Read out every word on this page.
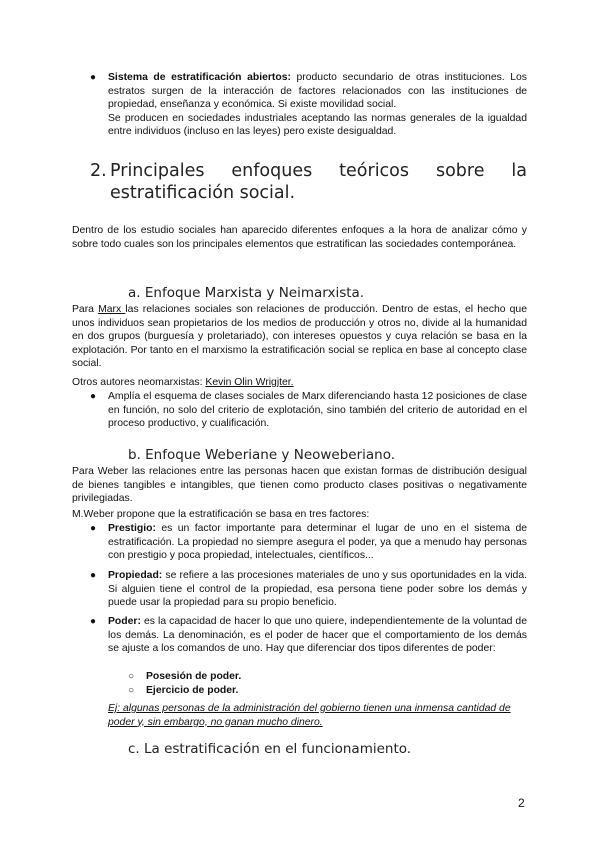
● Sistema de estratificación abiertos: producto secundario de otras instituciones. Los estratos surgen de la interacción de factores relacionados con las instituciones de propiedad, enseñanza y económica. Si existe movilidad social.

Se producen en sociedades industriales aceptando las normas generales de la igualdad entre individuos (incluso en las leyes) pero existe desigualdad.

2. Principales enfoques teóricos sobre la
estratificación social.

Dentro de los estudio sociales han aparecido diferentes enfoques a la hora de analizar cómo y sobre todo cuales son los principales elementos que estratifican las sociedades contemporánea.

a. Enfoque Marxista y Neimarxista.

Para Marx las relaciones sociales son relaciones de producción. Dentro de estas, el hecho que unos individuos sean propietarios de los medios de producción y otros no, divide al la humanidad en dos grupos (burguesía y proletariado), con intereses opuestos y cuya relación se basa en la explotación. Por tanto en el marxismo la estratificación social se replica en base al concepto clase social.

Otros autores neomarxistas: Kevin Olin Wrigjter.

● Amplía el esquema de clases sociales de Marx diferenciando hasta 12 posiciones de clase en función, no solo del criterio de explotación, sino también del criterio de autoridad en el proceso productivo, y cualificación.

b. Enfoque Weberiane y Neoweberiano.

Para Weber las relaciones entre las personas hacen que existan formas de distribución desigual de bienes tangibles e intangibles, que tienen como producto clases positivas o negativamente privilegiadas.

M.Weber propone que la estratificación se basa en tres factores:

● Prestigio: es un factor importante para determinar el lugar de uno en el sistema de estratificación. La propiedad no siempre asegura el poder, ya que a menudo hay personas con prestigio y poca propiedad, intelectuales, científicos...

● Propiedad: se refiere a las procesiones materiales de uno y sus oportunidades en la vida. Si alguien tiene el control de la propiedad, esa persona tiene poder sobre los demás y puede usar la propiedad para su propio beneficio.

● Poder: es la capacidad de hacer lo que uno quiere, independientemente de la voluntad de los demás. La denominación, es el poder de hacer que el comportamiento de los demás se ajuste a los comandos de uno. Hay que diferenciar dos tipos diferentes de poder:

○ Posesión de poder.
○ Ejercicio de poder.

Ej: algunas personas de la administración del gobierno tienen una inmensa cantidad de poder y, sin embargo, no ganan mucho dinero.

c. La estratificación en el funcionamiento.
2
